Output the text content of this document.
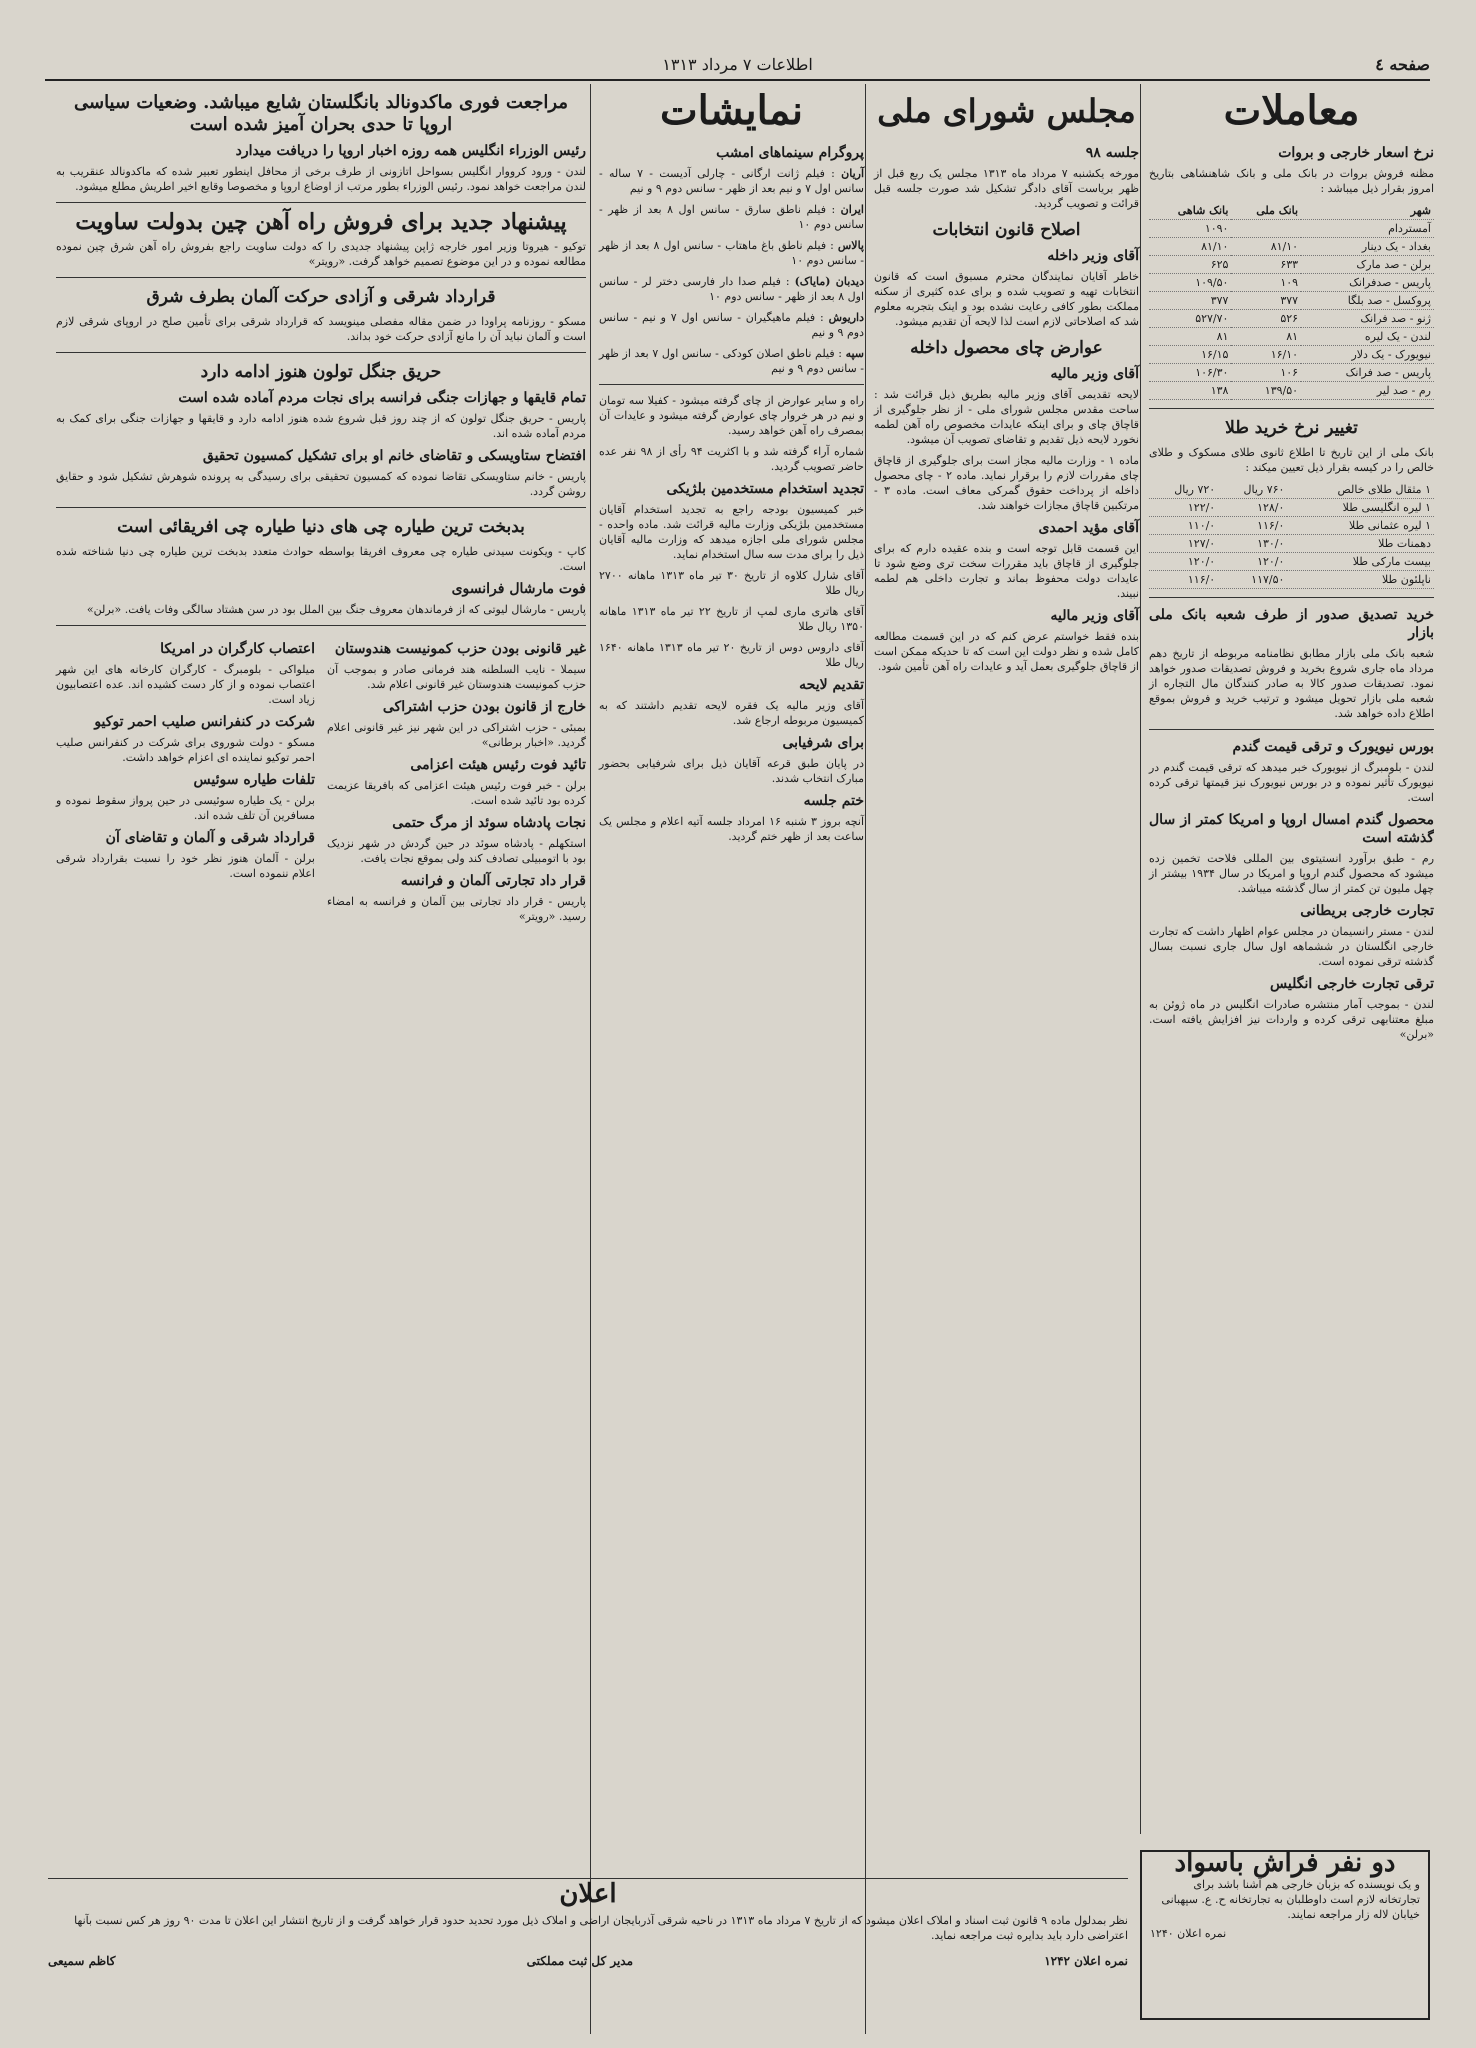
صفحه ٤
اطلاعات ۷ مرداد ۱۳۱۳
معاملات
نرخ اسعار خارجی و بروات

مظنه فروش بروات در بانک ملی و بانک شاهنشاهی بتاریخ امروز بقرار ذیل میباشد :

شهر	بانک ملی	بانک شاهی
آمستردام		۱۰۹۰
بغداد - یک دینار	۸۱/۱۰	۸۱/۱۰
برلن - صد مارک	۶۳۳	۶۲۵
پاریس - صدفرانک	۱۰۹	۱۰۹/۵۰
پروکسل - صد بلگا	۳۷۷	۳۷۷
ژنو - صد فرانک	۵۲۶	۵۲۷/۷۰
لندن - یک لیره	۸۱	۸۱
نیویورک - یک دلار	۱۶/۱۰	۱۶/۱۵
پاریس - صد فرانک	۱۰۶	۱۰۶/۳۰
رم - صد لیر	۱۳۹/۵۰	۱۳۸
تغییر نرخ خرید طلا

بانک ملی از این تاریخ تا اطلاع ثانوی طلای مسکوک و طلای خالص را در کیسه بقرار ذیل تعیین میکند :

۱ مثقال طلای خالص	۷۶۰ ریال	۷۲۰ ریال
۱ لیره انگلیسی طلا	۱۲۸/۰	۱۲۲/۰
۱ لیره عثمانی طلا	۱۱۶/۰	۱۱۰/۰
دهمنات طلا	۱۳۰/۰	۱۲۷/۰
بیست مارکی طلا	۱۲۰/۰	۱۲۰/۰
ناپلئون طلا	۱۱۷/۵۰	۱۱۶/۰
خرید تصدیق صدور از طرف شعبه بانک ملی بازار

شعبه بانک ملی بازار مطابق نظامنامه مربوطه از تاریخ دهم مرداد ماه جاری شروع بخرید و فروش تصدیقات صدور خواهد نمود. تصدیقات صدور کالا به صادر کنندگان مال التجاره از شعبه ملی بازار تحویل میشود و ترتیب خرید و فروش بموقع اطلاع داده خواهد شد.

بورس نیویورک و ترقی قیمت گندم

لندن - بلومبرگ از نیویورک خبر میدهد که ترقی قیمت گندم در نیویورک تأثیر نموده و در بورس نیویورک نیز قیمتها ترقی کرده است.

محصول گندم امسال اروپا و امریکا کمتر از سال گذشته است

رم - طبق برآورد انستیتوی بین المللی فلاحت تخمین زده میشود که محصول گندم اروپا و امریکا در سال ۱۹۳۴ بیشتر از چهل ملیون تن کمتر از سال گذشته میباشد.

تجارت خارجی بریطانی

لندن - مستر رانسیمان در مجلس عوام اظهار داشت که تجارت خارجی انگلستان در ششماهه اول سال جاری نسبت بسال گذشته ترقی نموده است.

ترقی تجارت خارجی انگلیس

لندن - بموجب آمار منتشره صادرات انگلیس در ماه ژوئن به مبلغ معتنابهی ترقی کرده و واردات نیز افزایش یافته است. «برلن»

مجلس شورای ملی
جلسه ۹۸

مورخه یکشنبه ۷ مرداد ماه ۱۳۱۳ مجلس یک ربع قبل از ظهر بریاست آقای دادگر تشکیل شد صورت جلسه قبل قرائت و تصویب گردید.

اصلاح قانون انتخابات
آقای وزیر داخله

خاطر آقایان نمایندگان محترم مسبوق است که قانون انتخابات تهیه و تصویب شده و برای عده کثیری از سکنه مملکت بطور کافی رعایت نشده بود و اینک بتجربه معلوم شد که اصلاحاتی لازم است لذا لایحه آن تقدیم میشود.

عوارض چای محصول داخله
آقای وزیر مالیه

لایحه تقدیمی آقای وزیر مالیه بطریق ذیل قرائت شد : ساحت مقدس مجلس شورای ملی - از نظر جلوگیری از قاچاق چای و برای اینکه عایدات مخصوص راه آهن لطمه نخورد لایحه ذیل تقدیم و تقاضای تصویب آن میشود.

ماده ۱ - وزارت مالیه مجاز است برای جلوگیری از قاچاق چای مقررات لازم را برقرار نماید. ماده ۲ - چای محصول داخله از پرداخت حقوق گمرکی معاف است. ماده ۳ - مرتکبین قاچاق مجازات خواهند شد.

آقای مؤید احمدی

این قسمت قابل توجه است و بنده عقیده دارم که برای جلوگیری از قاچاق باید مقررات سخت تری وضع شود تا عایدات دولت محفوظ بماند و تجارت داخلی هم لطمه نبیند.

آقای وزیر مالیه

بنده فقط خواستم عرض کنم که در این قسمت مطالعه کامل شده و نظر دولت این است که تا حدیکه ممکن است از قاچاق جلوگیری بعمل آید و عایدات راه آهن تأمین شود.

نمایشات
پروگرام سینماهای امشب

آریان : فیلم ژانت ارگانی - چارلی آدیست - ۷ ساله - سانس اول ۷ و نیم بعد از ظهر - سانس دوم ۹ و نیم

ایران : فیلم ناطق سارق - سانس اول ۸ بعد از ظهر - سانس دوم ۱۰

پالاس : فیلم ناطق باغ ماهتاب - سانس اول ۸ بعد از ظهر - سانس دوم ۱۰

دیدبان (مایاک) : فیلم صدا دار فارسی دختر لر - سانس اول ۸ بعد از ظهر - سانس دوم ۱۰

داریوش : فیلم ماهیگیران - سانس اول ۷ و نیم - سانس دوم ۹ و نیم

سپه : فیلم ناطق اصلان کودکی - سانس اول ۷ بعد از ظهر - سانس دوم ۹ و نیم

راه و سایر عوارض از چای گرفته میشود - کفیلا سه تومان و نیم در هر خروار چای عوارض گرفته میشود و عایدات آن بمصرف راه آهن خواهد رسید.

شماره آراء گرفته شد و با اکثریت ۹۴ رأی از ۹۸ نفر عده حاضر تصویب گردید.

تجدید استخدام مستخدمین بلژیکی

خبر کمیسیون بودجه راجع به تجدید استخدام آقایان مستخدمین بلژیکی وزارت مالیه قرائت شد. ماده واحده - مجلس شورای ملی اجازه میدهد که وزارت مالیه آقایان ذیل را برای مدت سه سال استخدام نماید.

آقای شارل کلاوه از تاریخ ۳۰ تیر ماه ۱۳۱۳ ماهانه ۲۷۰۰ ریال طلا

آقای هاتری ماری لمپ از تاریخ ۲۲ تیر ماه ۱۳۱۳ ماهانه ۱۳۵۰ ریال طلا

آقای داروس دوس از تاریخ ۲۰ تیر ماه ۱۳۱۳ ماهانه ۱۶۴۰ ریال طلا

تقدیم لایحه

آقای وزیر مالیه یک فقره لایحه تقدیم داشتند که به کمیسیون مربوطه ارجاع شد.

برای شرفیابی

در پایان طبق قرعه آقایان ذیل برای شرفیابی بحضور مبارک انتخاب شدند.

ختم جلسه

آنچه بروز ۳ شنبه ۱۶ امرداد جلسه آتیه اعلام و مجلس یک ساعت بعد از ظهر ختم گردید.

مراجعت فوری ماکدونالد بانگلستان شایع میباشد. وضعیات سیاسی اروپا تا حدی بحران آمیز شده است
رئیس الوزراء انگلیس همه روزه اخبار اروپا را دریافت میدارد

لندن - ورود کرووار انگلیس بسواحل اتازونی از طرف برخی از محافل اینطور تعبیر شده که ماکدونالد عنقریب به لندن مراجعت خواهد نمود. رئیس الوزراء بطور مرتب از اوضاع اروپا و مخصوصا وقایع اخیر اطریش مطلع میشود.

پیشنهاد جدید برای فروش راه آهن چین بدولت ساویت

توکیو - هیروتا وزیر امور خارجه ژاپن پیشنهاد جدیدی را که دولت ساویت راجع بفروش راه آهن شرق چین نموده مطالعه نموده و در این موضوع تصمیم خواهد گرفت. «رویتر»

قرارداد شرقی و آزادی حرکت آلمان بطرف شرق

مسکو - روزنامه پراودا در ضمن مقاله مفصلی مینویسد که قرارداد شرقی برای تأمین صلح در اروپای شرقی لازم است و آلمان نباید آن را مانع آزادی حرکت خود بداند.

حریق جنگل تولون هنوز ادامه دارد
تمام قایقها و جهازات جنگی فرانسه برای نجات مردم آماده شده است

پاریس - حریق جنگل تولون که از چند روز قبل شروع شده هنوز ادامه دارد و قایقها و جهازات جنگی برای کمک به مردم آماده شده اند.

افتضاح ستاویسکی و تقاضای خانم او برای تشکیل کمسیون تحقیق

پاریس - خانم ستاویسکی تقاضا نموده که کمسیون تحقیقی برای رسیدگی به پرونده شوهرش تشکیل شود و حقایق روشن گردد.

بدبخت ترین طیاره چی های دنیا طیاره چی افریقائی است

کاپ - ویکونت سیدنی طیاره چی معروف افریقا بواسطه حوادث متعدد بدبخت ترین طیاره چی دنیا شناخته شده است.

فوت مارشال فرانسوی

پاریس - مارشال لیوتی که از فرماندهان معروف جنگ بین الملل بود در سن هشتاد سالگی وفات یافت. «برلن»

غیر قانونی بودن حزب کمونیست هندوستان

سیملا - نایب السلطنه هند فرمانی صادر و بموجب آن حزب کمونیست هندوستان غیر قانونی اعلام شد.

خارج از قانون بودن حزب اشتراکی

بمبئی - حزب اشتراکی در این شهر نیز غیر قانونی اعلام گردید. «اخبار برطانی»

تائید فوت رئیس هیئت اعزامی

برلن - خبر فوت رئیس هیئت اعزامی که بافریقا عزیمت کرده بود تائید شده است.

نجات پادشاه سوئد از مرگ حتمی

استکهلم - پادشاه سوئد در حین گردش در شهر نزدیک بود با اتومبیلی تصادف کند ولی بموقع نجات یافت.

قرار داد تجارتی آلمان و فرانسه

پاریس - قرار داد تجارتی بین آلمان و فرانسه به امضاء رسید. «رویتر»

اعتصاب کارگران در امریکا

میلواکی - بلومبرگ - کارگران کارخانه های این شهر اعتصاب نموده و از کار دست کشیده اند. عده اعتصابیون زیاد است.

شرکت در کنفرانس صلیب احمر توکیو

مسکو - دولت شوروی برای شرکت در کنفرانس صلیب احمر توکیو نماینده ای اعزام خواهد داشت.

تلفات طیاره سوئیس

برلن - یک طیاره سوئیسی در حین پرواز سقوط نموده و مسافرین آن تلف شده اند.

قرارداد شرقی و آلمان و تقاضای آن

برلن - آلمان هنوز نظر خود را نسبت بقرارداد شرقی اعلام ننموده است.

اعلان

نظر بمدلول ماده ۹ قانون ثبت اسناد و املاک اعلان میشود که از تاریخ ۷ مرداد ماه ۱۳۱۳ در ناحیه شرقی آذربایجان اراضی و املاک ذیل مورد تحدید حدود قرار خواهد گرفت و از تاریخ انتشار این اعلان تا مدت ۹۰ روز هر کس نسبت بآنها اعتراضی دارد باید بدایره ثبت مراجعه نماید.

نمره اعلان ۱۲۴۲
مدیر کل ثبت مملکتی
کاظم سمیعی
دو نفر فراش باسواد

و یک نویسنده که بزبان خارجی هم آشنا باشد برای تجارتخانه لازم است داوطلبان به تجارتخانه ح. ع. سپهبانی خیابان لاله زار مراجعه نمایند.

نمره اعلان ۱۲۴۰
